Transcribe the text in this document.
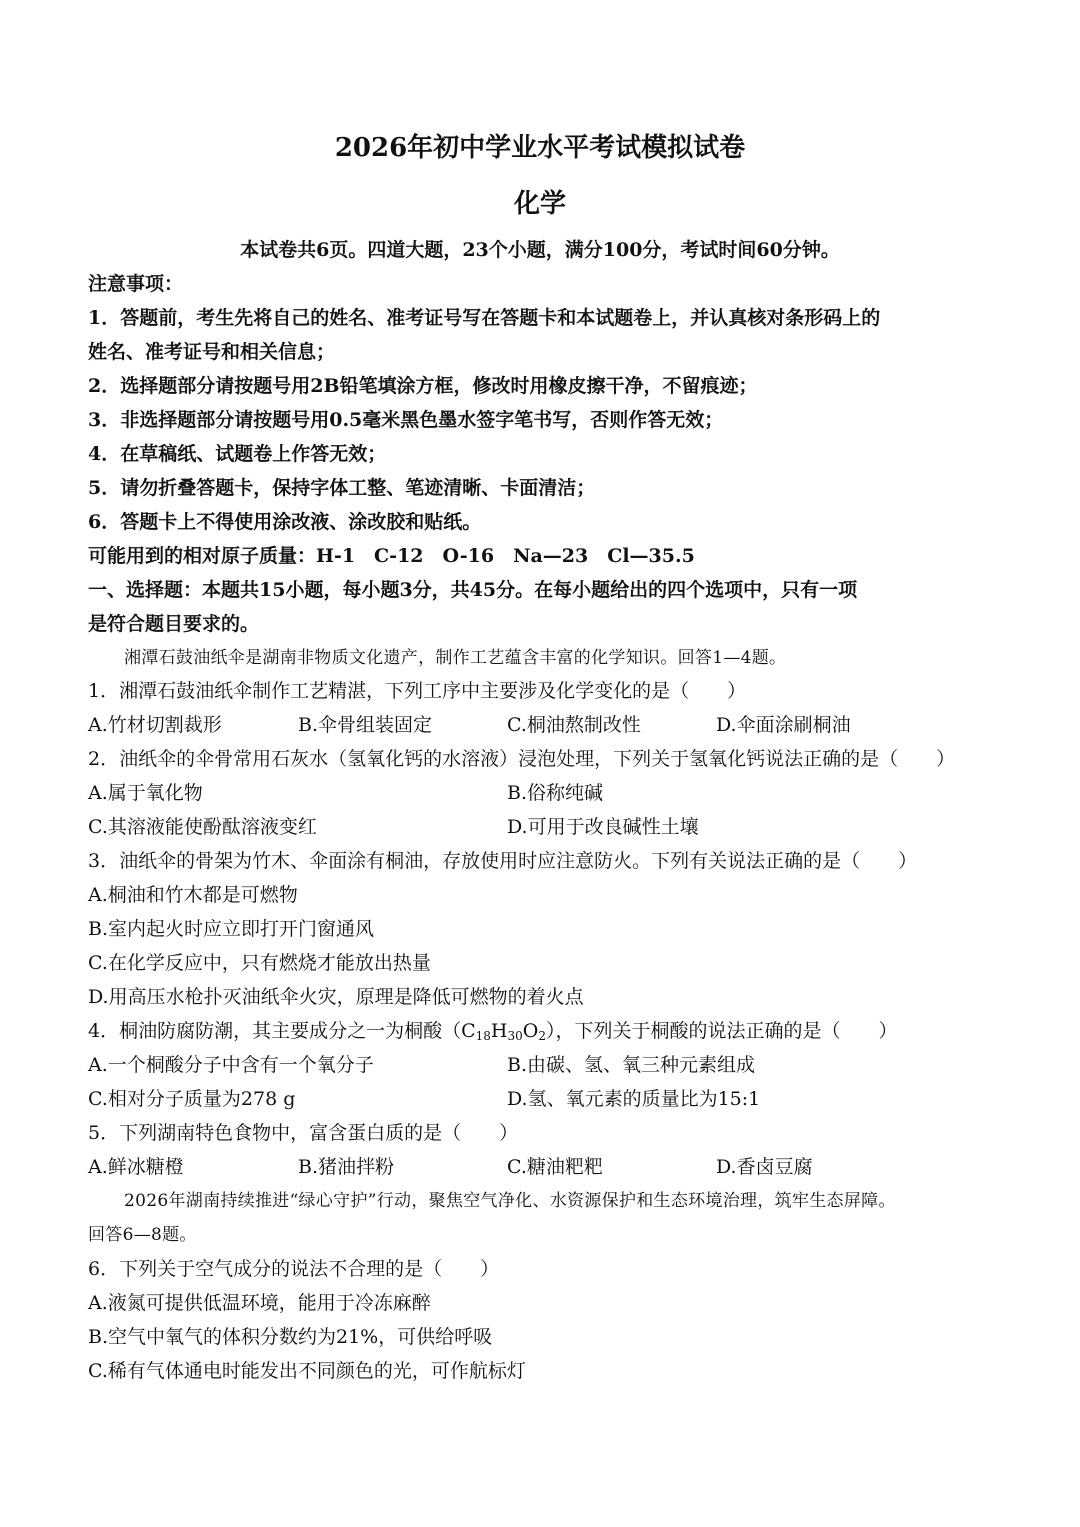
2026年初中学业水平考试模拟试卷
化学
本试卷共6页。四道大题，23个小题，满分100分，考试时间60分钟。
注意事项：
1．答题前，考生先将自己的姓名、准考证号写在答题卡和本试题卷上，并认真核对条形码上的
姓名、准考证号和相关信息；
2．选择题部分请按题号用2B铅笔填涂方框，修改时用橡皮擦干净，不留痕迹；
3．非选择题部分请按题号用0.5毫米黑色墨水签字笔书写，否则作答无效；
4．在草稿纸、试题卷上作答无效；
5．请勿折叠答题卡，保持字体工整、笔迹清晰、卡面清洁；
6．答题卡上不得使用涂改液、涂改胶和贴纸。
可能用到的相对原子质量：H-1　C-12　O-16　Na—23　Cl—35.5
一、选择题：本题共15小题，每小题3分，共45分。在每小题给出的四个选项中，只有一项
是符合题目要求的。
湘潭石鼓油纸伞是湖南非物质文化遗产，制作工艺蕴含丰富的化学知识。回答1—4题。
1．湘潭石鼓油纸伞制作工艺精湛，下列工序中主要涉及化学变化的是（　　）
A.竹材切割裁形	B.伞骨组装固定	C.桐油熬制改性	D.伞面涂刷桐油
2．油纸伞的伞骨常用石灰水（氢氧化钙的水溶液）浸泡处理，下列关于氢氧化钙说法正确的是（　　）
A.属于氧化物	B.俗称纯碱
C.其溶液能使酚酞溶液变红	D.可用于改良碱性土壤
3．油纸伞的骨架为竹木、伞面涂有桐油，存放使用时应注意防火。下列有关说法正确的是（　　）
A.桐油和竹木都是可燃物
B.室内起火时应立即打开门窗通风
C.在化学反应中，只有燃烧才能放出热量
D.用高压水枪扑灭油纸伞火灾，原理是降低可燃物的着火点
4．桐油防腐防潮，其主要成分之一为桐酸$(C_{18}H_{30}O_2)$，下列关于桐酸的说法正确的是（　　）
A.一个桐酸分子中含有一个氧分子	B.由碳、氢、氧三种元素组成
C.相对分子质量为278 g	D.氢、氧元素的质量比为15:1
5．下列湖南特色食物中，富含蛋白质的是（　　）
A.鲜冰糖橙	B.猪油拌粉	C.糖油粑粑	D.香卤豆腐
2026年湖南持续推进“绿心守护”行动，聚焦空气净化、水资源保护和生态环境治理，筑牢生态屏障。
回答6—8题。
6．下列关于空气成分的说法不合理的是（　　）
A.液氮可提供低温环境，能用于冷冻麻醉
B.空气中氧气的体积分数约为21%，可供给呼吸
C.稀有气体通电时能发出不同颜色的光，可作航标灯
